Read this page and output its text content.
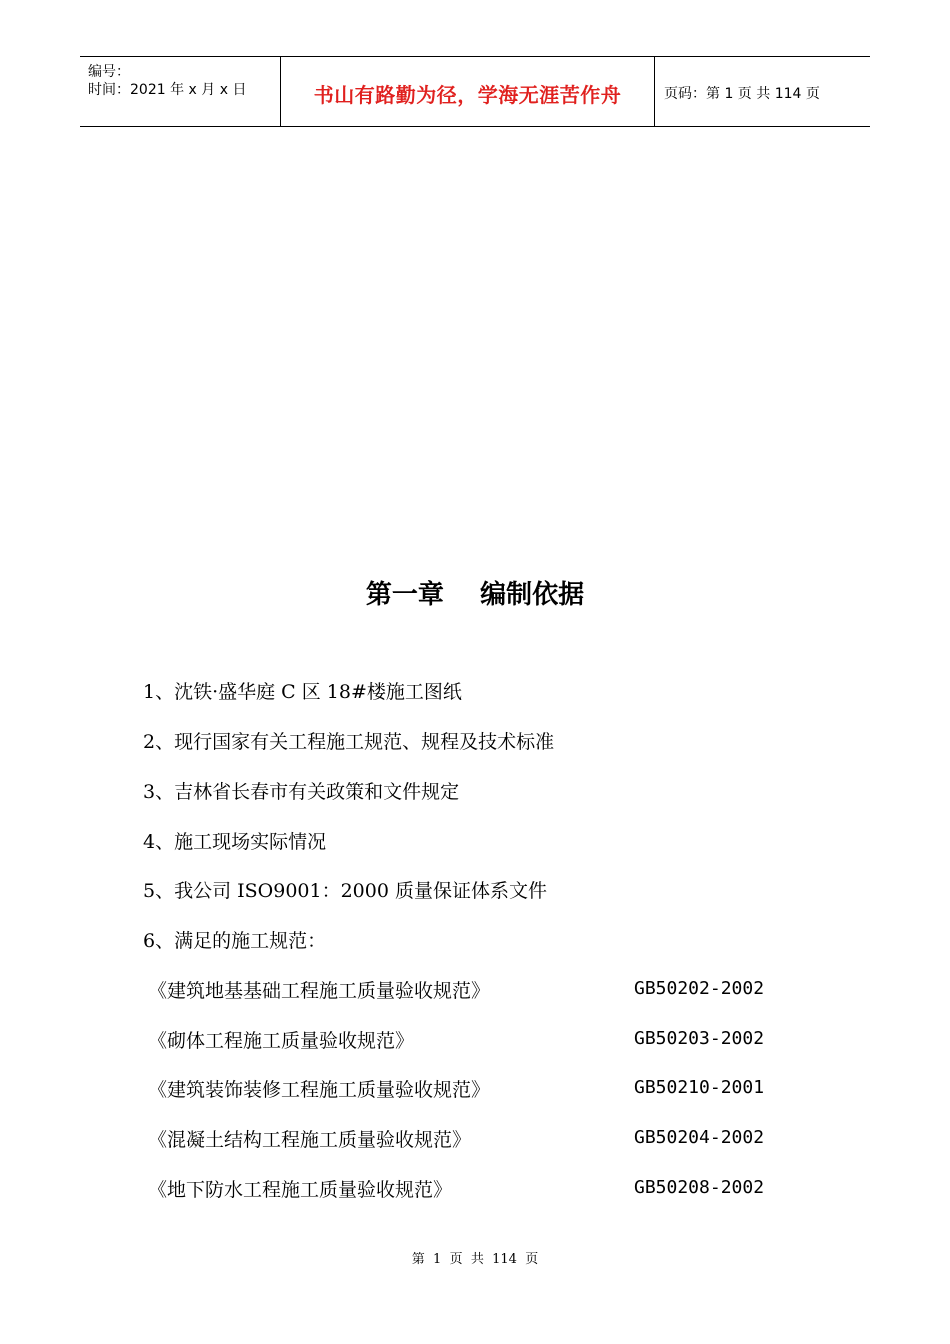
编号：
时间：2021 年 x 月 x 日	书山有路勤为径，学海无涯苦作舟	页码：第 1 页 共 114 页
第一章    编制依据
1、沈铁·盛华庭 C 区 18#楼施工图纸
2、现行国家有关工程施工规范、规程及技术标准
3、吉林省长春市有关政策和文件规定
4、施工现场实际情况
5、我公司 ISO9001：2000 质量保证体系文件
6、满足的施工规范：
《建筑地基基础工程施工质量验收规范》	GB50202-2002
《砌体工程施工质量验收规范》	GB50203-2002
《建筑装饰装修工程施工质量验收规范》	GB50210-2001
《混凝土结构工程施工质量验收规范》	GB50204-2002
《地下防水工程施工质量验收规范》	GB50208-2002
第  1  页  共  114  页
